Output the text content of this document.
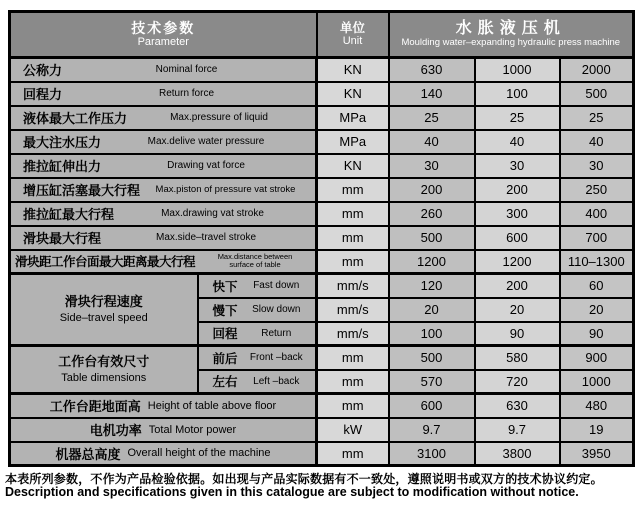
技术参数
Parameter

单位
Unit

水胀液压机
Moulding water–expanding hydraulic press machine

公称力 Nominal force		KN	630	1000	2000

回程力 Return force		KN	140	100	500

液体最大工作压力 Max.pressure of liquid		MPa	25	25	25

最大注水压力 Max.delive water pressure		MPa	40	40	40

推拉缸伸出力 Drawing vat force		KN	30	30	30

增压缸活塞最大行程 Max.piston of pressure vat stroke		mm	200	200	250

推拉缸最大行程 Max.drawing vat stroke		mm	260	300	400

滑块最大行程 Max.side–travel stroke		mm	500	600	700

滑块距工作台面最大距离最大行程 Max.distance between
surface of table		mm	1200	1200	110–1300

滑块行程速度
Side–travel speed

快下	Fast down	mm/s	120	200	60

	慢下 Slow down	mm/s	20	20	20

	回程 Return	mm/s	100	90	90

工作台有效尺寸
Table dimensions

前后	Front –back	mm	500	580	900

	左右 Left –back	mm	570	720	1000

工作台距地面高 Height of table above floor		mm	600	630	480

电机功率 Total Motor power		kW	9.7	9.7	19

机器总高度 Overall height of the machine		mm	3100	3800	3950
本表所列参数，不作为产品检验依据。如出现与产品实际数据有不一致处，遵照说明书或双方的技术协议约定。
Description and specifications given in this catalogue are subject to modification without notice.
